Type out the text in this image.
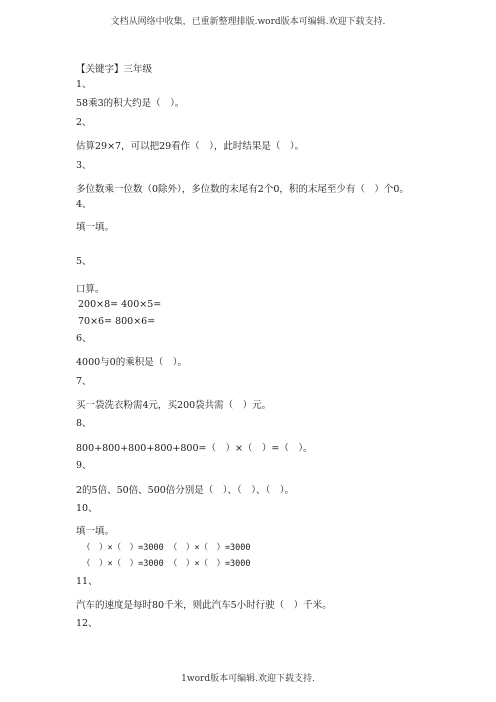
文档从网络中收集，已重新整理排版.word版本可编辑.欢迎下载支持.
【关键字】三年级
1、
58乘3的积大约是（　）。
2、
估算29×7，可以把29看作（　），此时结果是（　）。
3、
多位数乘一位数（0除外），多位数的末尾有2个0，积的末尾至少有（　）个0。
4、
填一填。
5、
口算。
200×8= 400×5=
70×6= 800×6=
6、
4000与0的乘积是（　）。
7、
买一袋洗衣粉需4元，买200袋共需（　）元。
8、
800+800+800+800+800=（　）×（　）=（　）。
9、
2的5倍、50倍、500倍分别是（　）、（　）、（　）。
10、
填一填。
（　）×（　）=3000 （　）×（　）=3000
（　）×（　）=3000 （　）×（　）=3000
11、
汽车的速度是每时80千米，则此汽车5小时行驶（　）千米。
12、
1word版本可编辑.欢迎下载支持.
